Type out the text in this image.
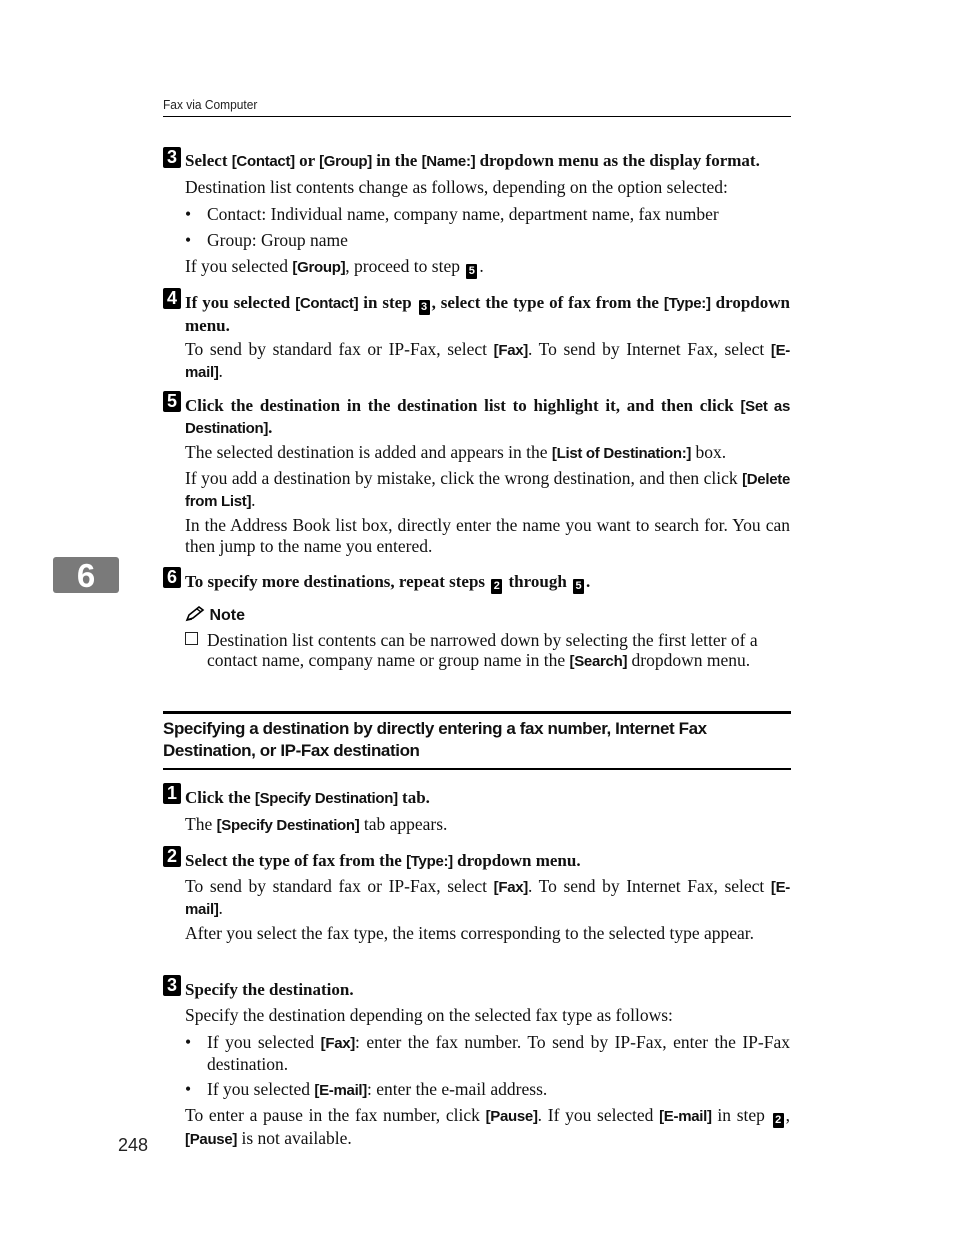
Fax via Computer
6
3 Select [Contact] or [Group] in the [Name:] dropdown menu as the display format.
Destination list contents change as follows, depending on the option selected:
• Contact: Individual name, company name, department name, fax number
• Group: Group name
If you selected [Group], proceed to step 5 .
4 If you selected [Contact] in step 3 , select the type of fax from the [Type:] dropdown menu.
To send by standard fax or IP-Fax, select [Fax]. To send by Internet Fax, select [E-mail].
5 Click the destination in the destination list to highlight it, and then click [Set as Destination].
The selected destination is added and appears in the [List of Destination:] box.
If you add a destination by mistake, click the wrong destination, and then click [Delete from List].
In the Address Book list box, directly enter the name you want to search for. You can then jump to the name you entered.
6 To specify more destinations, repeat steps 2 through 5 .
Note
Destination list contents can be narrowed down by selecting the first letter of a contact name, company name or group name in the [Search] dropdown menu.
Specifying a destination by directly entering a fax number, Internet Fax Destination, or IP-Fax destination
1 Click the [Specify Destination] tab.
The [Specify Destination] tab appears.
2 Select the type of fax from the [Type:] dropdown menu.
To send by standard fax or IP-Fax, select [Fax]. To send by Internet Fax, select [E-mail].
After you select the fax type, the items corresponding to the selected type appear.
3 Specify the destination.
Specify the destination depending on the selected fax type as follows:
• If you selected [Fax]: enter the fax number. To send by IP-Fax, enter the IP-Fax destination.
• If you selected [E-mail]: enter the e-mail address.
To enter a pause in the fax number, click [Pause]. If you selected [E-mail] in step 2 , [Pause] is not available.
248
